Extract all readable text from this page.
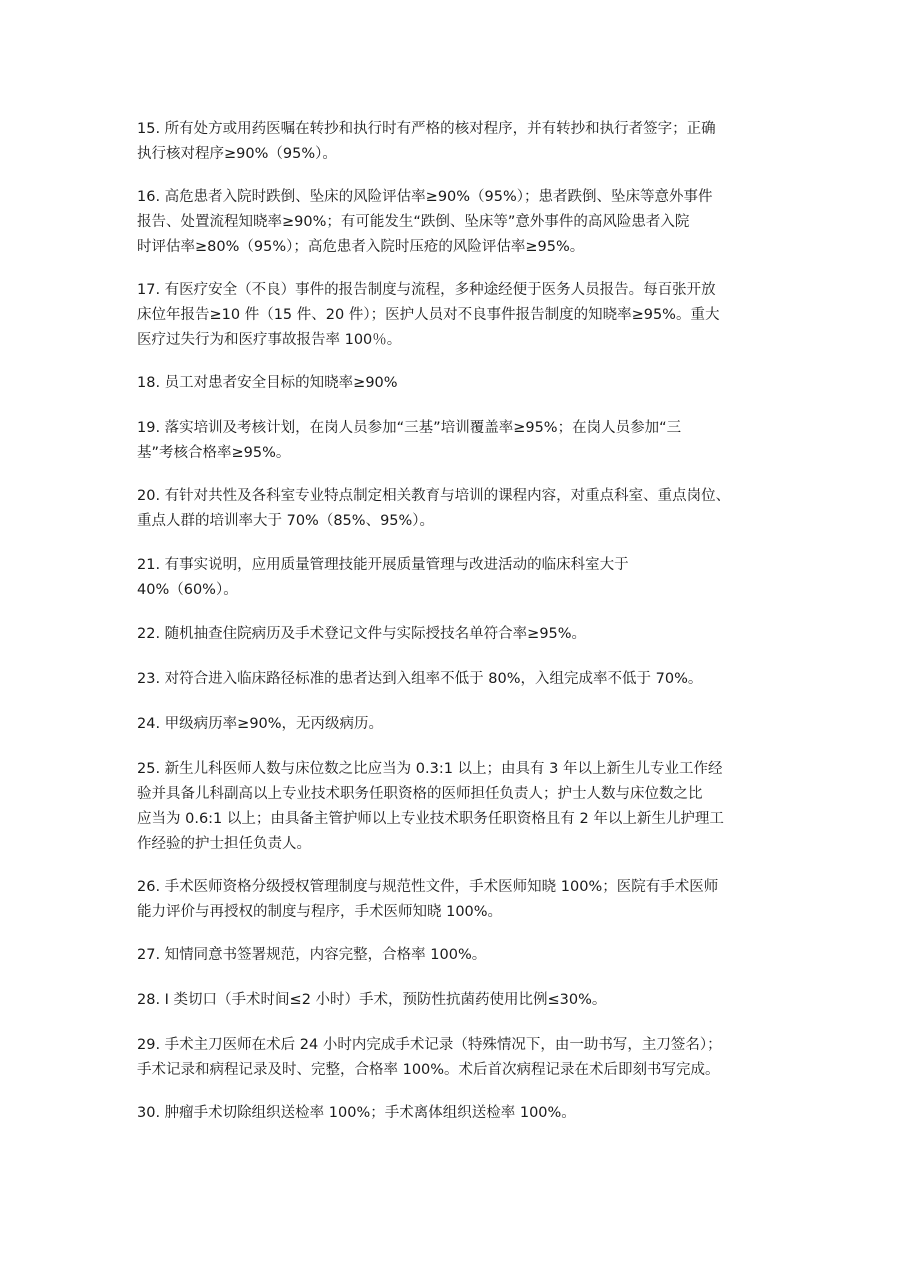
15. 所有处方或用药医嘱在转抄和执行时有严格的核对程序，并有转抄和执行者签字；正确
执行核对程序≥90%（95%）。
16. 高危患者入院时跌倒、坠床的风险评估率≥90%（95%）；患者跌倒、坠床等意外事件
报告、处置流程知晓率≥90%；有可能发生“跌倒、坠床等”意外事件的高风险患者入院
时评估率≥80%（95%）；高危患者入院时压疮的风险评估率≥95%。
17. 有医疗安全（不良）事件的报告制度与流程，多种途经便于医务人员报告。每百张开放
床位年报告≥10 件（15 件、20 件）；医护人员对不良事件报告制度的知晓率≥95%。重大
医疗过失行为和医疗事故报告率 100％。
18. 员工对患者安全目标的知晓率≥90%
19. 落实培训及考核计划，在岗人员参加“三基”培训覆盖率≥95%；在岗人员参加“三
基”考核合格率≥95%。
20. 有针对共性及各科室专业特点制定相关教育与培训的课程内容，对重点科室、重点岗位、
重点人群的培训率大于 70%（85%、95%）。
21. 有事实说明，应用质量管理技能开展质量管理与改进活动的临床科室大于
40%（60%）。
22. 随机抽查住院病历及手术登记文件与实际授技名单符合率≥95%。
23. 对符合进入临床路径标准的患者达到入组率不低于 80%，入组完成率不低于 70%。
24. 甲级病历率≥90%，无丙级病历。
25. 新生儿科医师人数与床位数之比应当为 0.3:1 以上；由具有 3 年以上新生儿专业工作经
验并具备儿科副高以上专业技术职务任职资格的医师担任负责人；护士人数与床位数之比
应当为 0.6:1 以上；由具备主管护师以上专业技术职务任职资格且有 2 年以上新生儿护理工
作经验的护士担任负责人。
26. 手术医师资格分级授权管理制度与规范性文件，手术医师知晓 100%；医院有手术医师
能力评价与再授权的制度与程序，手术医师知晓 100%。
27. 知情同意书签署规范，内容完整，合格率 100%。
28. I 类切口（手术时间≤2 小时）手术，预防性抗菌药使用比例≤30%。
29. 手术主刀医师在术后 24 小时内完成手术记录（特殊情况下，由一助书写，主刀签名）；
手术记录和病程记录及时、完整，合格率 100%。术后首次病程记录在术后即刻书写完成。
30. 肿瘤手术切除组织送检率 100%；手术离体组织送检率 100%。
